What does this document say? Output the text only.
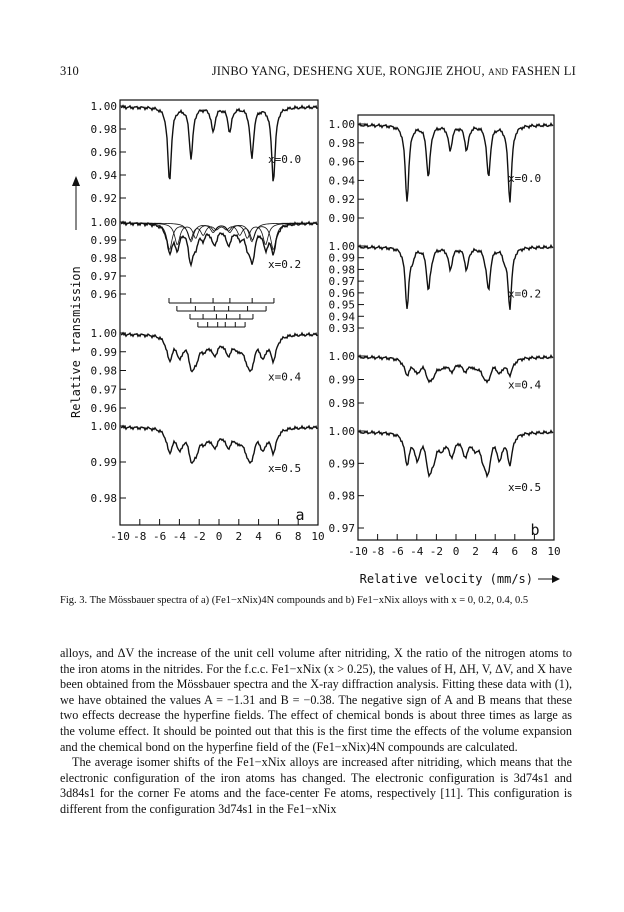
310	JINBO YANG, DESHENG XUE, RONGJIE ZHOU, and FASHEN LI
-10 -8 -6 -4 -2 0 2 4 6 8 10
1.00
0.98
0.96
0.94
0.92
x=0.0
1.00
0.99
0.98
0.97
0.96
x=0.2
1.00
0.99
0.98
0.97
0.96
x=0.4
1.00
0.99
0.98
x=0.5
a
-10 -8 -6 -4 -2 0 2 4 6 8 10
1.00
0.98
0.96
0.94
0.92
0.90
x=0.0
1.00
0.99
0.98
0.97
0.96
0.95
0.94
0.93
x=0.2
1.00
0.99
0.98
x=0.4
1.00
0.99
0.98
0.97
x=0.5
b
Relative transmission
Relative velocity (mm/s)
Fig. 3. The Mössbauer spectra of a) (Fe1−xNix)4N compounds and b) Fe1−xNix alloys with x = 0, 0.2, 0.4, 0.5

alloys, and ΔV the increase of the unit cell volume after nitriding, X the ratio of the nitrogen atoms to the iron atoms in the nitrides. For the f.c.c. Fe1−xNix (x > 0.25), the values of H, ΔH, V, ΔV, and X have been obtained from the Mössbauer spectra and the X-ray diffraction analysis. Fitting these data with (1), we have obtained the values A = −1.31 and B = −0.38. The negative sign of A and B means that these two effects decrease the hyperfine fields. The effect of chemical bonds is about three times as large as the volume effect. It should be pointed out that this is the first time the effects of the volume expansion and the chemical bond on the hyperfine field of the (Fe1−xNix)4N compounds are calculated.

The average isomer shifts of the Fe1−xNix alloys are increased after nitriding, which means that the electronic configuration of the iron atoms has changed. The electronic configuration is 3d74s1 and 3d84s1 for the corner Fe atoms and the face-center Fe atoms, respectively [11]. This configuration is different from the configuration 3d74s1 in the Fe1−xNix
